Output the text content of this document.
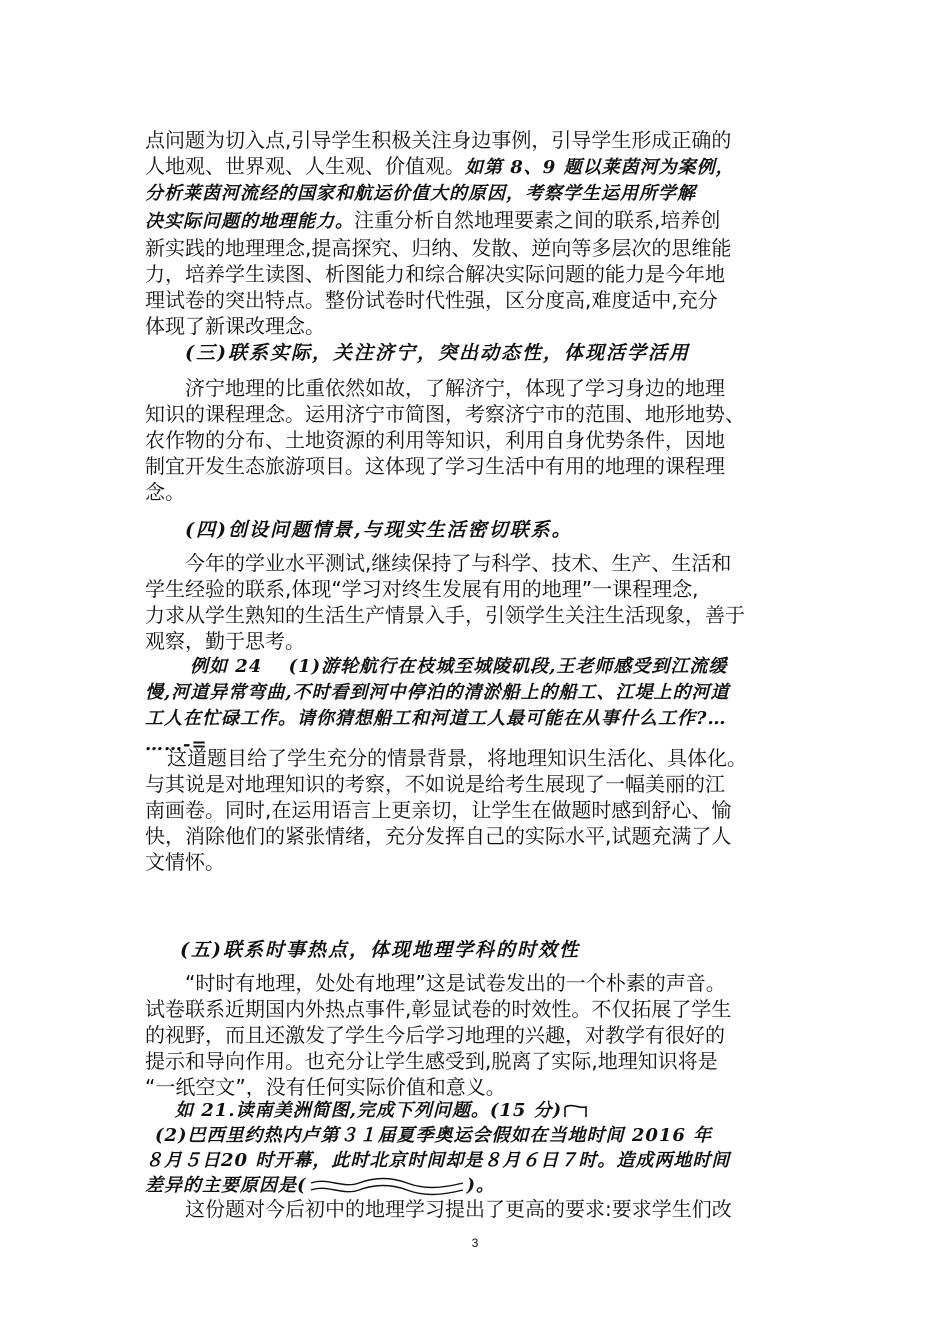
点问题为切入点,引导学生积极关注身边事例，引导学生形成正确的

人地观、世界观、人生观、价值观。如第 8、9 题以莱茵河为案例，

分析莱茵河流经的国家和航运价值大的原因，考察学生运用所学解

决实际问题的地理能力。注重分析自然地理要素之间的联系,培养创

新实践的地理理念,提高探究、归纳、发散、逆向等多层次的思维能

力，培养学生读图、析图能力和综合解决实际问题的能力是今年地

理试卷的突出特点。整份试卷时代性强，区分度高,难度适中,充分

体现了新课改理念。

(三)联系实际，关注济宁，突出动态性，体现活学活用

济宁地理的比重依然如故，了解济宁，体现了学习身边的地理

知识的课程理念。运用济宁市简图，考察济宁市的范围、地形地势、

农作物的分布、土地资源的利用等知识，利用自身优势条件，因地

制宜开发生态旅游项目。这体现了学习生活中有用的地理的课程理

念。

(四)创设问题情景,与现实生活密切联系。

今年的学业水平测试,继续保持了与科学、技术、生产、生活和

学生经验的联系,体现“学习对终生发展有用的地理”一课程理念,

力求从学生熟知的生活生产情景入手，引领学生关注生活现象，善于

观察，勤于思考。

例如 24　 (1)游轮航行在枝城至城陵矶段,王老师感受到江流缓

慢,河道异常弯曲,不时看到河中停泊的清淤船上的船工、江堤上的河道

工人在忙碌工作。请你猜想船工和河道工人最可能在从事什么工作?…

……-=

这道题目给了学生充分的情景背景，将地理知识生活化、具体化。

与其说是对地理知识的考察，不如说是给考生展现了一幅美丽的江

南画卷。同时,在运用语言上更亲切，让学生在做题时感到舒心、愉

快，消除他们的紧张情绪，充分发挥自己的实际水平,试题充满了人

文情怀。

(五)联系时事热点，体现地理学科的时效性

“时时有地理，处处有地理”这是试卷发出的一个朴素的声音。

试卷联系近期国内外热点事件,彰显试卷的时效性。不仅拓展了学生

的视野，而且还激发了学生今后学习地理的兴趣，对教学有很好的

提示和导向作用。也充分让学生感受到,脱离了实际,地理知识将是

“一纸空文”，没有任何实际价值和意义。

如 21.读南美洲简图,完成下列问题。(15 分)

(2)巴西里约热内卢第３１届夏季奥运会假如在当地时间 2016 年

８月５日20 时开幕，此时北京时间却是８月６日７时。造成两地时间

差异的主要原因是(	)。

这份题对今后初中的地理学习提出了更高的要求:要求学生们改

3
